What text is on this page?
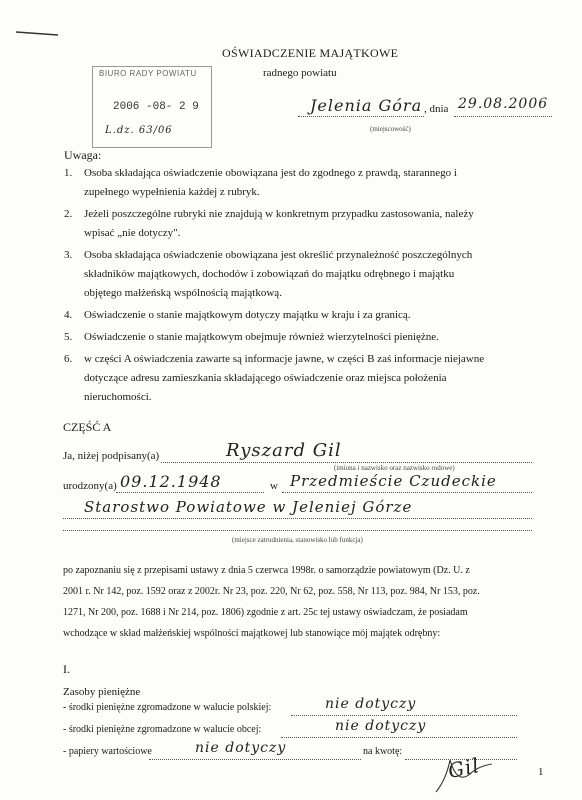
OŚWIADCZENIE MAJĄTKOWE
radnego powiatu
BIURO RADY POWIATU
2006 -08- 2 9
L.dz. 63/06
Jelenia Góra , dnia 29.08.2006
(miejscowość)
Uwaga:
1. Osoba składająca oświadczenie obowiązana jest do zgodnego z prawdą, starannego i
zupełnego wypełnienia każdej z rubryk.
2. Jeżeli poszczególne rubryki nie znajdują w konkretnym przypadku zastosowania, należy
wpisać „nie dotyczy".
3. Osoba składająca oświadczenie obowiązana jest określić przynależność poszczególnych
składników majątkowych, dochodów i zobowiązań do majątku odrębnego i majątku
objętego małżeńską wspólnością majątkową.
4. Oświadczenie o stanie majątkowym dotyczy majątku w kraju i za granicą.
5. Oświadczenie o stanie majątkowym obejmuje również wierzytelności pieniężne.
6. w części A oświadczenia zawarte są informacje jawne, w części B zaś informacje niejawne
dotyczące adresu zamieszkania składającego oświadczenie oraz miejsca położenia
nieruchomości.
CZĘŚĆ A
Ja, niżej podpisany(a)	Ryszard Gil
(imiona i nazwisko oraz nazwisko rodowe)
urodzony(a) 09.12.1948	w Przedmieście Czudeckie
Starostwo Powiatowe w Jeleniej Górze
(miejsce zatrudnienia, stanowisko lub funkcja)
po zapoznaniu się z przepisami ustawy z dnia 5 czerwca 1998r. o samorządzie powiatowym (Dz. U. z
2001 r. Nr 142, poz. 1592 oraz z 2002r. Nr 23, poz. 220, Nr 62, poz. 558, Nr 113, poz. 984, Nr 153, poz.
1271, Nr 200, poz. 1688 i Nr 214, poz. 1806) zgodnie z art. 25c tej ustawy oświadczam, że posiadam
wchodzące w skład małżeńskiej wspólności majątkowej lub stanowiące mój majątek odrębny:
I.
Zasoby pieniężne
- środki pieniężne zgromadzone w walucie polskiej:	nie dotyczy
- środki pieniężne zgromadzone w walucie obcej:	nie dotyczy
- papiery wartościowe	nie dotyczy	na kwotę:
Gil	1
